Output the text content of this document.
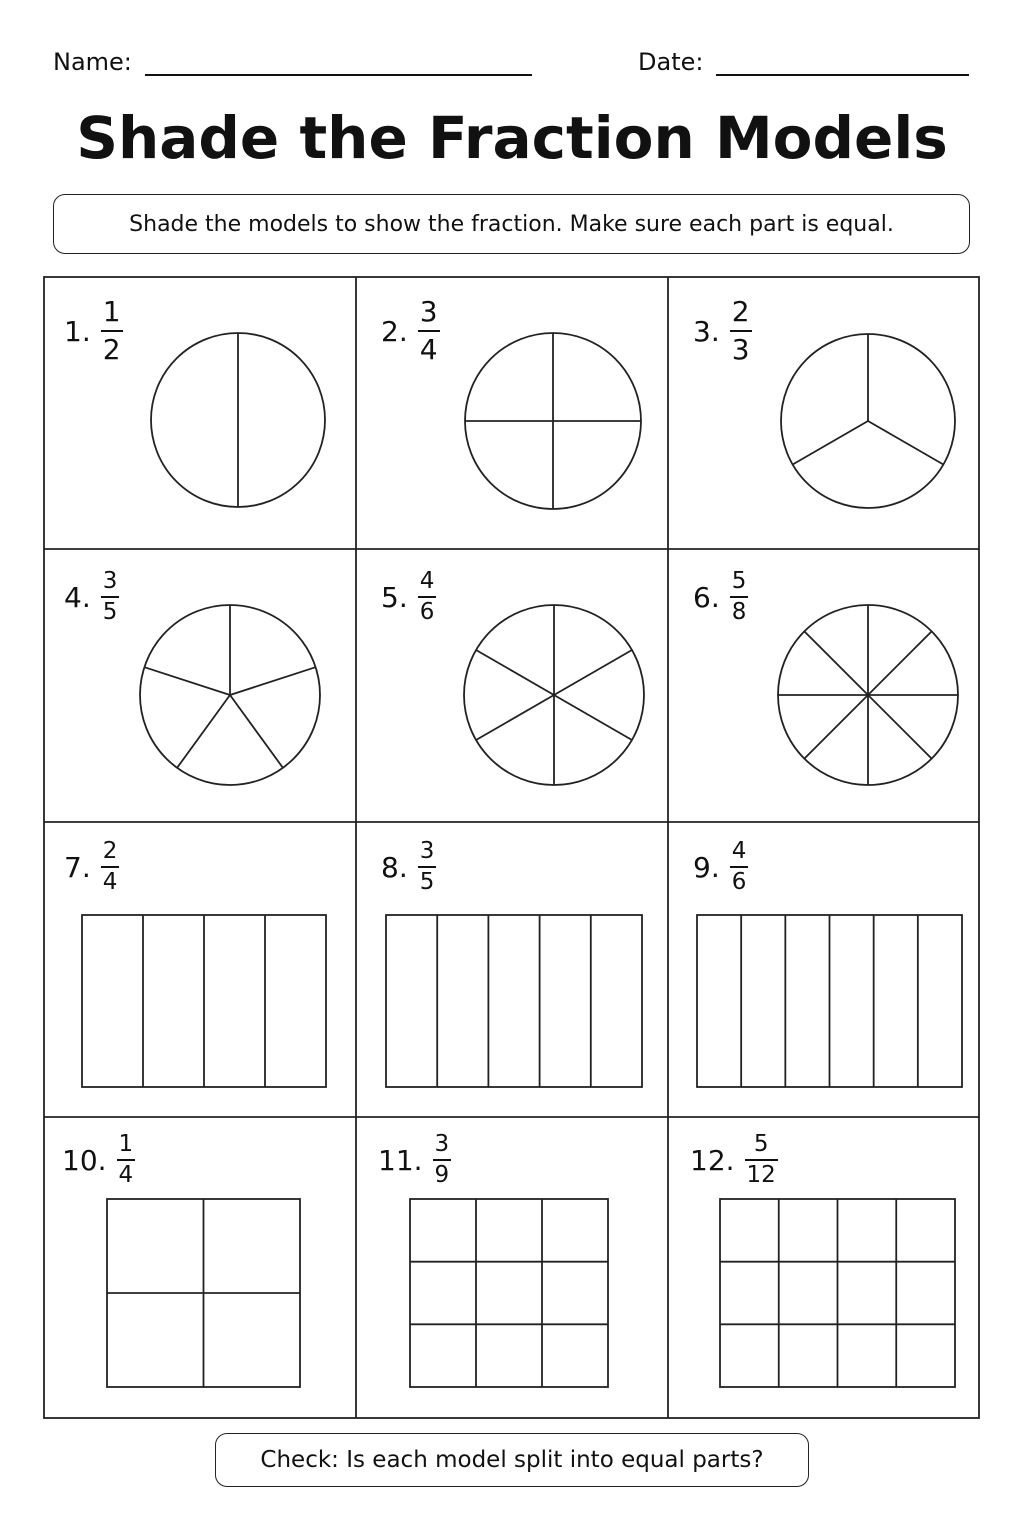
Name:	Date:
Shade the Fraction Models
Shade the models to show the fraction. Make sure each part is equal.
1. $\frac{1}{2}$	2. $\frac{3}{4}$	3. $\frac{2}{3}$
4. $\frac{3}{5}$	5. $\frac{4}{6}$	6. $\frac{5}{8}$
7. $\frac{2}{4}$	8. $\frac{3}{5}$	9. $\frac{4}{6}$
10. $\frac{1}{4}$	11. $\frac{3}{9}$	12. $\frac{5}{12}$
Check: Is each model split into equal parts?
